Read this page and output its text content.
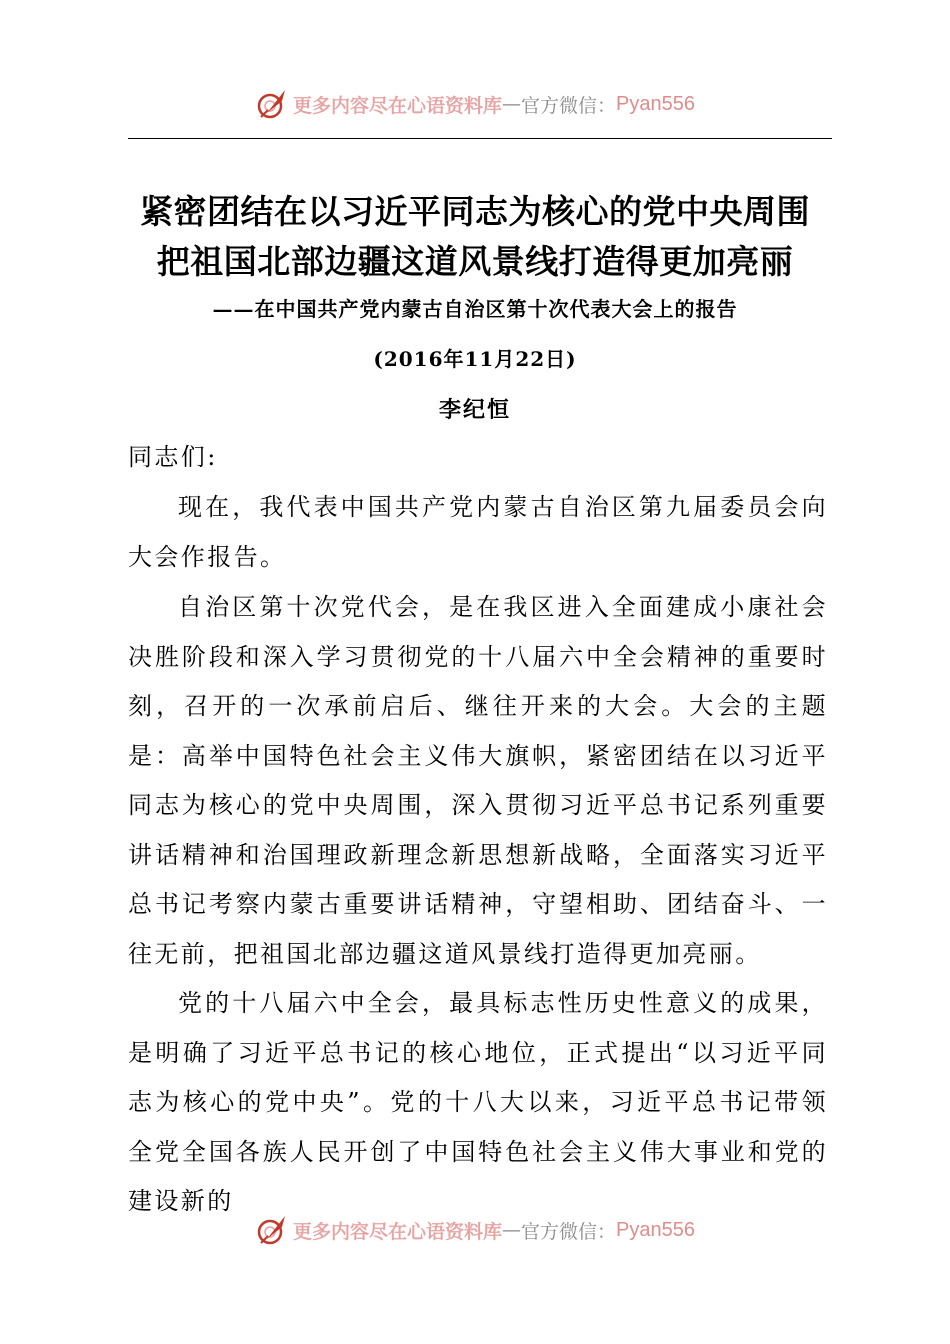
更多内容尽在心语资料库 — 官方微信： Pyan556
紧密团结在以习近平同志为核心的党中央周围
把祖国北部边疆这道风景线打造得更加亮丽
——在中国共产党内蒙古自治区第十次代表大会上的报告
(2016年11月22日)
李纪恒
同志们:

现在，我代表中国共产党内蒙古自治区第九届委员会向大会作报告。

自治区第十次党代会，是在我区进入全面建成小康社会决胜阶段和深入学习贯彻党的十八届六中全会精神的重要时刻，召开的一次承前启后、继往开来的大会。大会的主题是：高举中国特色社会主义伟大旗帜，紧密团结在以习近平同志为核心的党中央周围，深入贯彻习近平总书记系列重要讲话精神和治国理政新理念新思想新战略，全面落实习近平总书记考察内蒙古重要讲话精神，守望相助、团结奋斗、一往无前，把祖国北部边疆这道风景线打造得更加亮丽。

党的十八届六中全会，最具标志性历史性意义的成果，是明确了习近平总书记的核心地位，正式提出“以习近平同志为核心的党中央”。党的十八大以来，习近平总书记带领全党全国各族人民开创了中国特色社会主义伟大事业和党的建设新的

更多内容尽在心语资料库 — 官方微信： Pyan556
